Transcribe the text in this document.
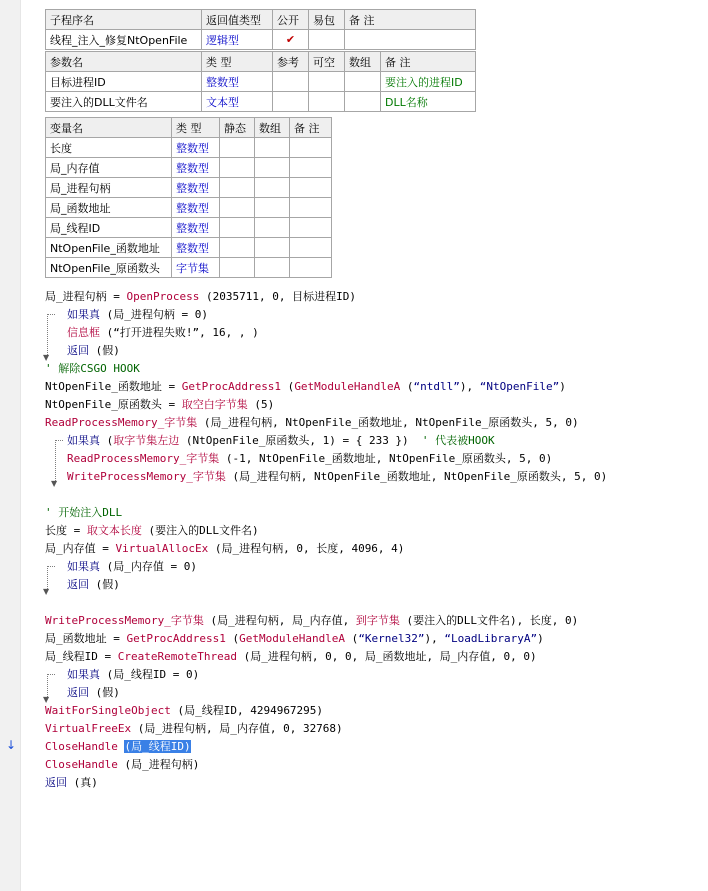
↓
子程序名	返回值类型	公开	易包	备 注
线程_注入_修复NtOpenFile	逻辑型	✔		
参数名	类 型	参考	可空	数组	备 注
目标进程ID	整数型				要注入的进程ID
要注入的DLL文件名	文本型				DLL名称
变量名	类 型	静态	数组	备 注
长度	整数型			
局_内存值	整数型			
局_进程句柄	整数型			
局_函数地址	整数型			
局_线程ID	整数型			
NtOpenFile_函数地址	整数型			
NtOpenFile_原函数头	字节集			
▼
▼
▼
▼
局_进程句柄 = OpenProcess (2035711, 0, 目标进程ID)
如果真 (局_进程句柄 = 0)
信息框 (“打开进程失败!”, 16, , )
返回 (假)
' 解除CSGO HOOK
NtOpenFile_函数地址 = GetProcAddress1 (GetModuleHandleA (“ntdll”), “NtOpenFile”)
NtOpenFile_原函数头 = 取空白字节集 (5)
ReadProcessMemory_字节集 (局_进程句柄, NtOpenFile_函数地址, NtOpenFile_原函数头, 5, 0)
如果真 (取字节集左边 (NtOpenFile_原函数头, 1) = { 233 })  ' 代表被HOOK
ReadProcessMemory_字节集 (-1, NtOpenFile_函数地址, NtOpenFile_原函数头, 5, 0)
WriteProcessMemory_字节集 (局_进程句柄, NtOpenFile_函数地址, NtOpenFile_原函数头, 5, 0)
' 开始注入DLL
长度 = 取文本长度 (要注入的DLL文件名)
局_内存值 = VirtualAllocEx (局_进程句柄, 0, 长度, 4096, 4)
如果真 (局_内存值 = 0)
返回 (假)
WriteProcessMemory_字节集 (局_进程句柄, 局_内存值, 到字节集 (要注入的DLL文件名), 长度, 0)
局_函数地址 = GetProcAddress1 (GetModuleHandleA (“Kernel32”), “LoadLibraryA”)
局_线程ID = CreateRemoteThread (局_进程句柄, 0, 0, 局_函数地址, 局_内存值, 0, 0)
如果真 (局_线程ID = 0)
返回 (假)
WaitForSingleObject (局_线程ID, 4294967295)
VirtualFreeEx (局_进程句柄, 局_内存值, 0, 32768)
CloseHandle (局_线程ID)
CloseHandle (局_进程句柄)
返回 (真)
